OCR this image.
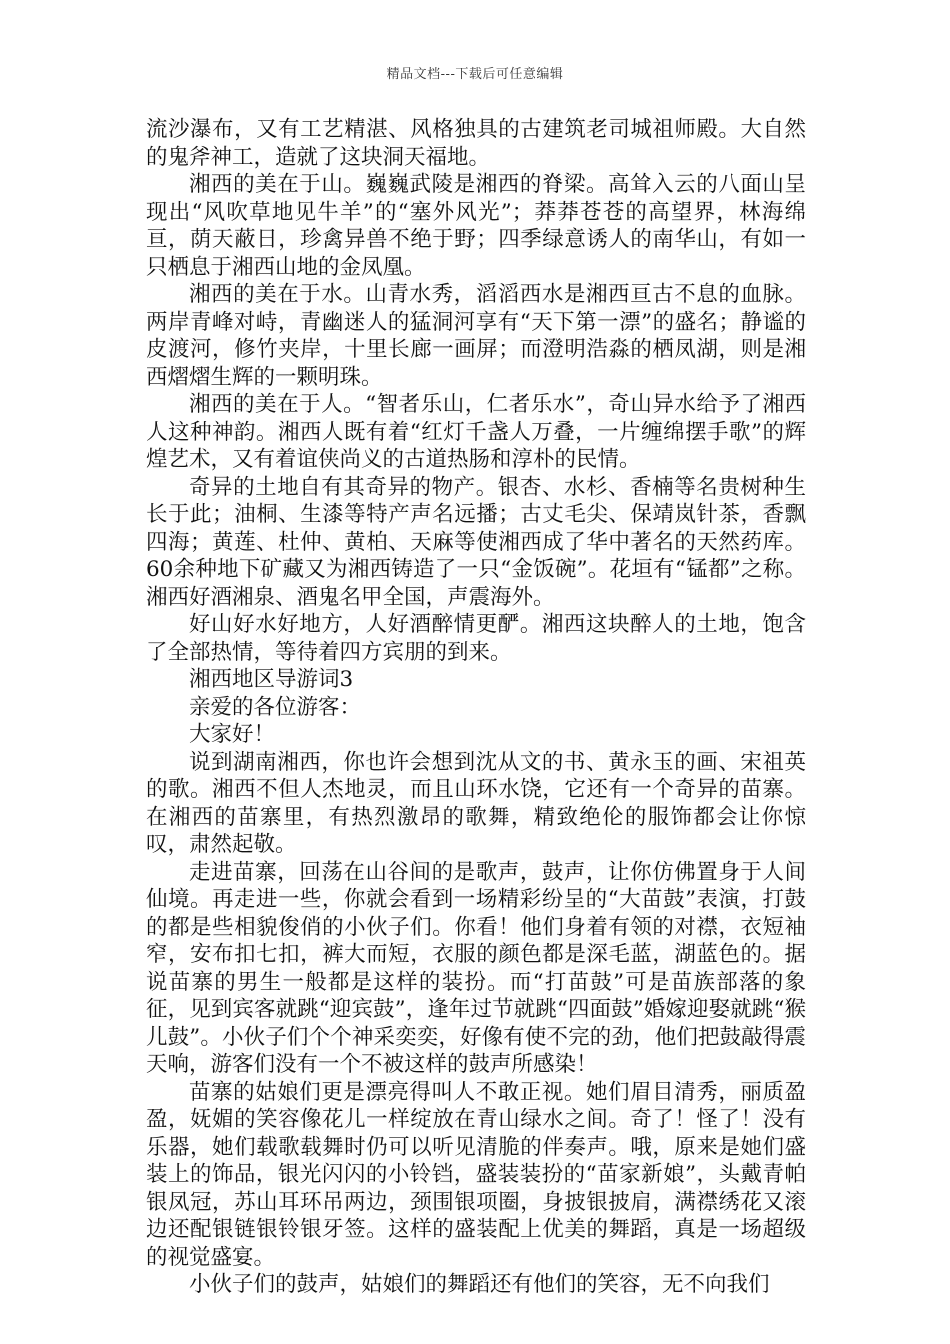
精品文档---下载后可任意编辑

流沙瀑布，又有工艺精湛、风格独具的古建筑老司城祖师殿。大自然的鬼斧神工，造就了这块洞天福地。

湘西的美在于山。巍巍武陵是湘西的脊梁。高耸入云的八面山呈现出“风吹草地见牛羊”的“塞外风光”；莽莽苍苍的高望界，林海绵亘，荫天蔽日，珍禽异兽不绝于野；四季绿意诱人的南华山，有如一只栖息于湘西山地的金凤凰。

湘西的美在于水。山青水秀，滔滔西水是湘西亘古不息的血脉。两岸青峰对峙，青幽迷人的猛洞河享有“天下第一漂”的盛名；静谧的皮渡河，修竹夹岸，十里长廊一画屏；而澄明浩淼的栖凤湖，则是湘西熠熠生辉的一颗明珠。

湘西的美在于人。“智者乐山，仁者乐水”，奇山异水给予了湘西人这种神韵。湘西人既有着“红灯千盏人万叠，一片缠绵摆手歌”的辉煌艺术，又有着谊侠尚义的古道热肠和淳朴的民情。

奇异的土地自有其奇异的物产。银杏、水杉、香楠等名贵树种生长于此；油桐、生漆等特产声名远播；古丈毛尖、保靖岚针茶，香飘四海；黄莲、杜仲、黄柏、天麻等使湘西成了华中著名的天然药库。60余种地下矿藏又为湘西铸造了一只“金饭碗”。花垣有“锰都”之称。湘西好酒湘泉、酒鬼名甲全国，声震海外。

好山好水好地方，人好酒醉情更酽。湘西这块醉人的土地，饱含了全部热情，等待着四方宾朋的到来。

湘西地区导游词3

亲爱的各位游客：

大家好！

说到湖南湘西，你也许会想到沈从文的书、黄永玉的画、宋祖英的歌。湘西不但人杰地灵，而且山环水饶，它还有一个奇异的苗寨。在湘西的苗寨里，有热烈激昂的歌舞，精致绝伦的服饰都会让你惊叹，肃然起敬。

走进苗寨，回荡在山谷间的是歌声，鼓声，让你仿佛置身于人间仙境。再走进一些，你就会看到一场精彩纷呈的“大苗鼓”表演，打鼓的都是些相貌俊俏的小伙子们。你看！他们身着有领的对襟，衣短袖窄，安布扣七扣，裤大而短，衣服的颜色都是深毛蓝，湖蓝色的。据说苗寨的男生一般都是这样的装扮。而“打苗鼓”可是苗族部落的象征，见到宾客就跳“迎宾鼓”，逢年过节就跳“四面鼓”婚嫁迎娶就跳“猴儿鼓”。小伙子们个个神采奕奕，好像有使不完的劲，他们把鼓敲得震天响，游客们没有一个不被这样的鼓声所感染！

苗寨的姑娘们更是漂亮得叫人不敢正视。她们眉目清秀，丽质盈盈，妩媚的笑容像花儿一样绽放在青山绿水之间。奇了！怪了！没有乐器，她们载歌载舞时仍可以听见清脆的伴奏声。哦，原来是她们盛装上的饰品，银光闪闪的小铃铛，盛装装扮的“苗家新娘”，头戴青帕银凤冠，苏山耳环吊两边，颈围银项圈，身披银披肩，满襟绣花又滚边还配银链银铃银牙签。这样的盛装配上优美的舞蹈，真是一场超级的视觉盛宴。

小伙子们的鼓声，姑娘们的舞蹈还有他们的笑容，无不向我们
